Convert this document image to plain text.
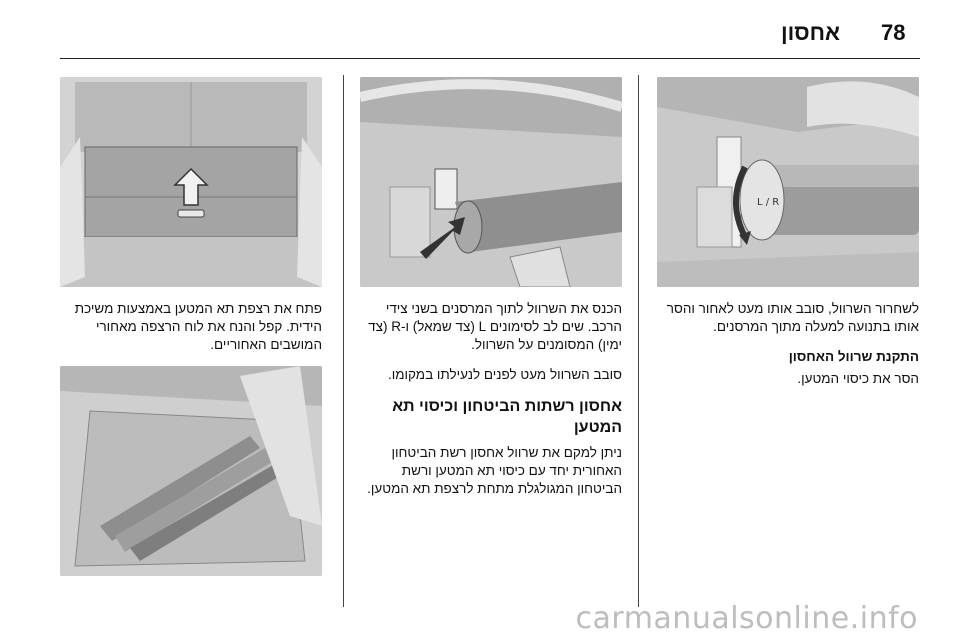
78
אחסון
L / R

לשחרור השרוול, סובב אותו מעט לאחור והסר אותו בתנועה למעלה מתוך המרסנים.

התקנת שרוול האחסון

הסר את כיסוי המטען.

הכנס את השרוול לתוך המרסנים בשני צידי הרכב. שים לב לסימונים L (צד שמאל) ו-R (צד ימין) המסומנים על השרוול.

סובב השרוול מעט לפנים לנעילתו במקומו.

אחסון רשתות הביטחון וכיסוי תא המטען

ניתן למקם את שרוול אחסון רשת הביטחון האחורית יחד עם כיסוי תא המטען ורשת הביטחון המגולגלת מתחת לרצפת תא המטען.

פתח את רצפת תא המטען באמצעות משיכת הידית. קפל והנח את לוח הרצפה מאחורי המושבים האחוריים.

carmanualsonline.info
